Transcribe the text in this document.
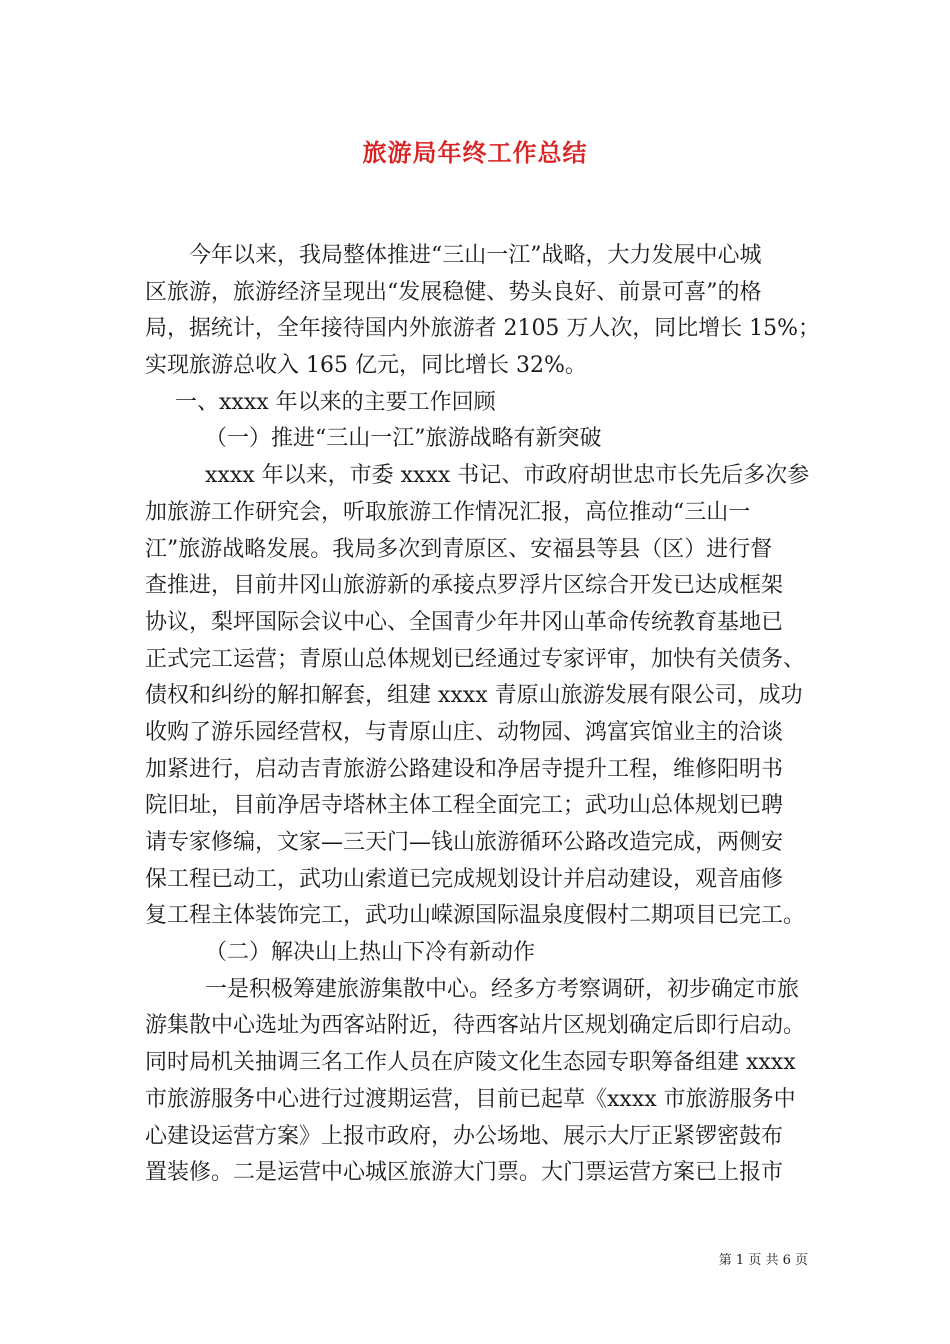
旅游局年终工作总结
今年以来，我局整体推进“三山一江”战略，大力发展中心城
区旅游，旅游经济呈现出“发展稳健、势头良好、前景可喜”的格
局，据统计，全年接待国内外旅游者 2105 万人次，同比增长 15%；
实现旅游总收入 165 亿元，同比增长 32%。
一、xxxx 年以来的主要工作回顾
（一）推进“三山一江”旅游战略有新突破
xxxx 年以来，市委 xxxx 书记、市政府胡世忠市长先后多次参
加旅游工作研究会，听取旅游工作情况汇报，高位推动“三山一
江”旅游战略发展。我局多次到青原区、安福县等县（区）进行督
查推进，目前井冈山旅游新的承接点罗浮片区综合开发已达成框架
协议，梨坪国际会议中心、全国青少年井冈山革命传统教育基地已
正式完工运营；青原山总体规划已经通过专家评审，加快有关债务、
债权和纠纷的解扣解套，组建 xxxx 青原山旅游发展有限公司，成功
收购了游乐园经营权，与青原山庄、动物园、鸿富宾馆业主的洽谈
加紧进行，启动吉青旅游公路建设和净居寺提升工程，维修阳明书
院旧址，目前净居寺塔林主体工程全面完工；武功山总体规划已聘
请专家修编，文家—三天门—钱山旅游循环公路改造完成，两侧安
保工程已动工，武功山索道已完成规划设计并启动建设，观音庙修
复工程主体装饰完工，武功山嵘源国际温泉度假村二期项目已完工。
（二）解决山上热山下冷有新动作
一是积极筹建旅游集散中心。经多方考察调研，初步确定市旅
游集散中心选址为西客站附近，待西客站片区规划确定后即行启动。
同时局机关抽调三名工作人员在庐陵文化生态园专职筹备组建 xxxx
市旅游服务中心进行过渡期运营，目前已起草《xxxx 市旅游服务中
心建设运营方案》上报市政府，办公场地、展示大厅正紧锣密鼓布
置装修。二是运营中心城区旅游大门票。大门票运营方案已上报市
第 1 页 共 6 页
